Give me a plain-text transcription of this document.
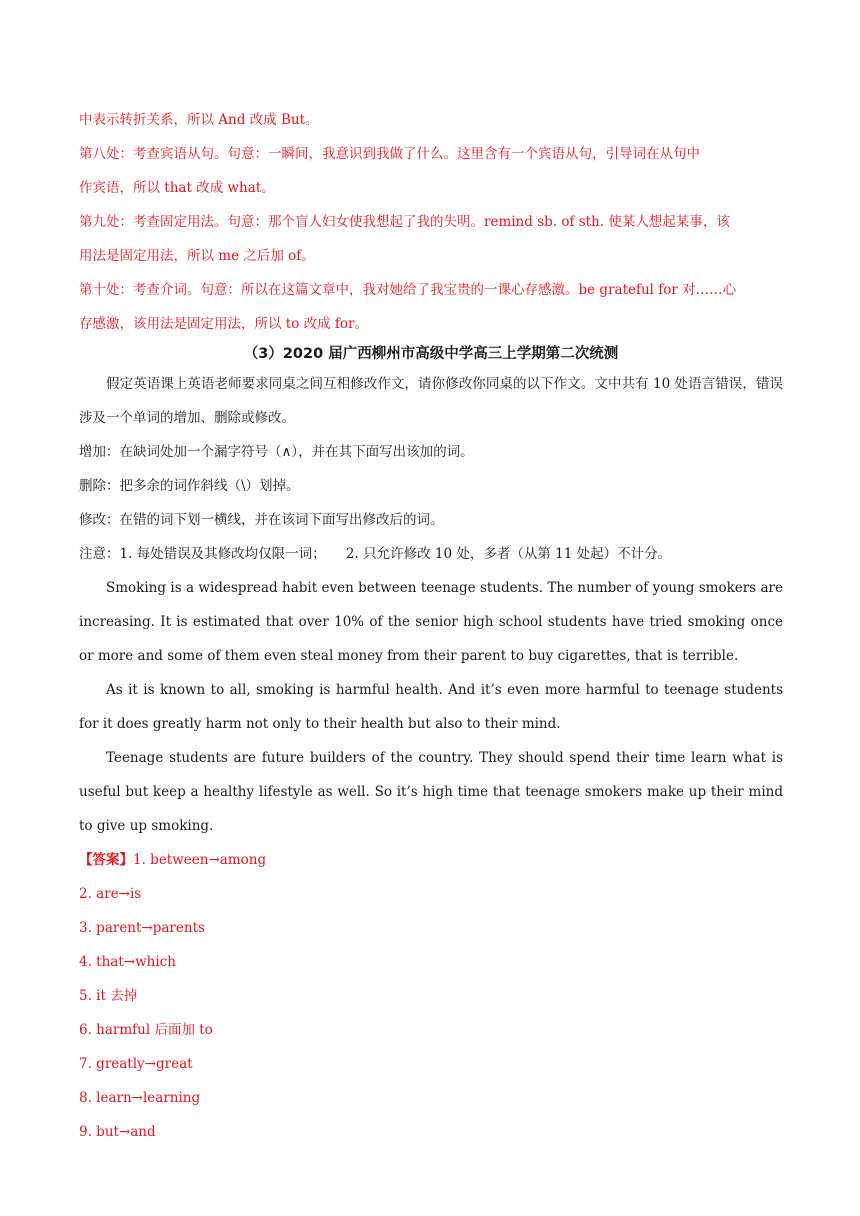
中表示转折关系，所以 And 改成 But。
第八处：考查宾语从句。句意：一瞬间，我意识到我做了什么。这里含有一个宾语从句，引导词在从句中
作宾语，所以 that 改成 what。
第九处：考查固定用法。句意：那个盲人妇女使我想起了我的失明。remind sb. of sth. 使某人想起某事，该
用法是固定用法，所以 me 之后加 of。
第十处：考查介词。句意：所以在这篇文章中，我对她给了我宝贵的一课心存感激。be grateful for 对……心
存感激，该用法是固定用法，所以 to 改成 for。
（3）2020 届广西柳州市高级中学高三上学期第二次统测

假定英语课上英语老师要求同桌之间互相修改作文，请你修改你同桌的以下作文。文中共有 10 处语言错误，错误涉及一个单词的增加、删除或修改。

增加：在缺词处加一个漏字符号（∧），并在其下面写出该加的词。

删除：把多余的词作斜线（\）划掉。

修改：在错的词下划一横线，并在该词下面写出修改后的词。

注意：1. 每处错误及其修改均仅限一词；　　2. 只允许修改 10 处，多者（从第 11 处起）不计分。

Smoking is a widespread habit even between teenage students. The number of young smokers are increasing. It is estimated that over 10% of the senior high school students have tried smoking once or more and some of them even steal money from their parent to buy cigarettes, that is terrible.

As it is known to all, smoking is harmful health. And it’s even more harmful to teenage students for it does greatly harm not only to their health but also to their mind.

Teenage students are future builders of the country. They should spend their time learn what is useful but keep a healthy lifestyle as well. So it’s high time that teenage smokers make up their mind to give up smoking.

【答案】1. between→among
2. are→is
3. parent→parents
4. that→which
5. it 去掉
6. harmful 后面加 to
7. greatly→great
8. learn→learning
9. but→and
